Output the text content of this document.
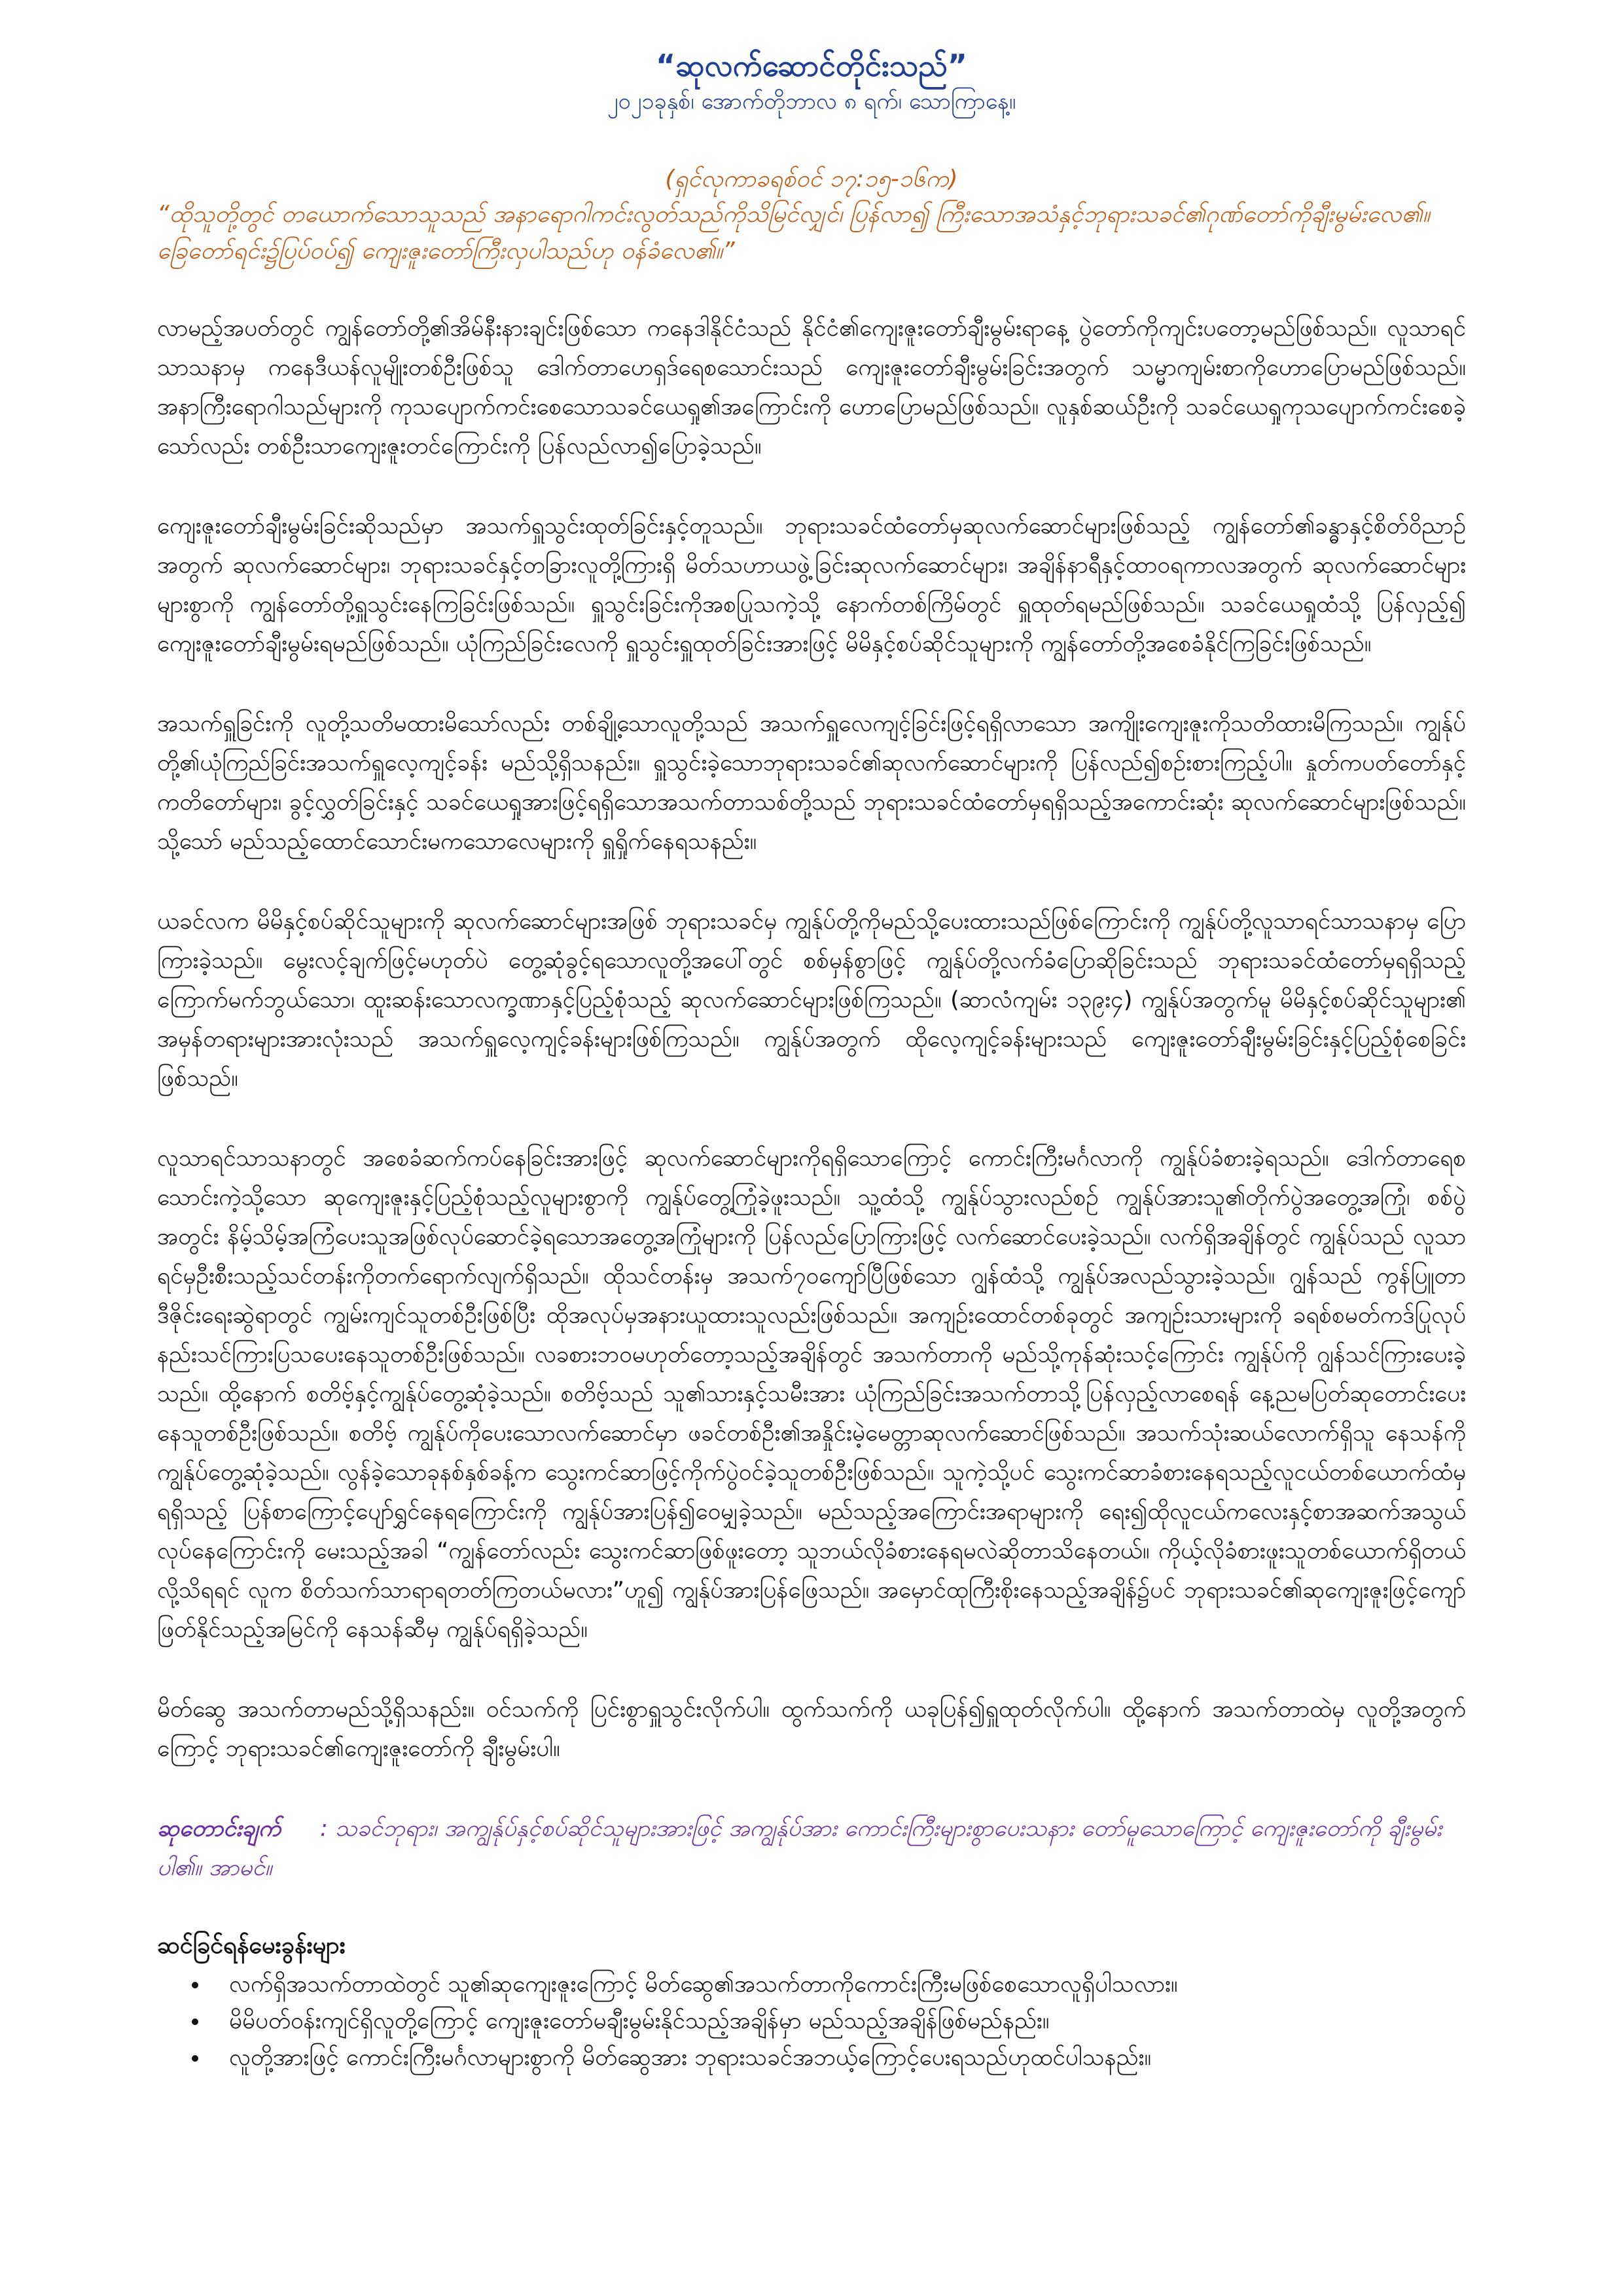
“ဆုလက်ဆောင်တိုင်းသည်”

၂၀၂၁ခုနှစ်၊ အောက်တိုဘာလ ၈ ရက်၊ သောကြာနေ့။

(ရှင်လုကာခရစ်ဝင် ၁၇:၁၅-၁၆က)

“ထိုသူတို့တွင် တယောက်သောသူသည် အနာရောဂါကင်းလွတ်သည်ကိုသိမြင်လျှင်၊ ပြန်လာ၍ ကြီးသောအသံနှင့်ဘုရားသခင်၏ဂုဏ်တော်ကိုချီးမွမ်းလေ၏။ ခြေတော်ရင်း၌ပြပ်ဝပ်၍ ကျေးဇူးတော်ကြီးလှပါသည်ဟု ဝန်ခံလေ၏။”

လာမည့်အပတ်တွင် ကျွန်တော်တို့၏အိမ်နီးနားချင်းဖြစ်သော ကနေဒါနိုင်ငံသည် နိုင်ငံ၏ကျေးဇူးတော်ချီးမွမ်းရာနေ့ ပွဲတော်ကိုကျင်းပတော့မည်ဖြစ်သည်။ လူသာရင်သာသနာမှ ကနေဒီယန်လူမျိုးတစ်ဦးဖြစ်သူ ဒေါက်တာဟေရှဒ်ရေစသောင်းသည် ကျေးဇူးတော်ချီးမွမ်းခြင်းအတွက် သမ္မာကျမ်းစာကိုဟောပြောမည်ဖြစ်သည်။ အနာကြီးရောဂါသည်များကို ကုသပျောက်ကင်းစေသောသခင်ယေရှု၏အကြောင်းကို ဟောပြောမည်ဖြစ်သည်။ လူနှစ်ဆယ်ဦးကို သခင်ယေရှုကုသပျောက်ကင်းစေခဲ့သော်လည်း တစ်ဦးသာကျေးဇူးတင်ကြောင်းကို ပြန်လည်လာ၍ပြောခဲ့သည်။

ကျေးဇူးတော်ချီးမွမ်းခြင်းဆိုသည်မှာ အသက်ရှူသွင်းထုတ်ခြင်းနှင့်တူသည်။ ဘုရားသခင်ထံတော်မှဆုလက်ဆောင်များဖြစ်သည့် ကျွန်တော်၏ခန္ဓာနှင့်စိတ်ဝိညာဉ်အတွက် ဆုလက်ဆောင်များ၊ ဘုရားသခင်နှင့်တခြားလူတို့ကြားရှိ မိတ်သဟာယဖွဲ့ခြင်းဆုလက်ဆောင်များ၊ အချိန်နာရီနှင့်ထာဝရကာလအတွက် ဆုလက်ဆောင်များ များစွာကို ကျွန်တော်တို့ရှူသွင်းနေကြခြင်းဖြစ်သည်။ ရှူသွင်းခြင်းကိုအစပြုသကဲ့သို့ နောက်တစ်ကြိမ်တွင် ရှူထုတ်ရမည်ဖြစ်သည်။ သခင်ယေရှုထံသို့ ပြန်လှည့်၍ ကျေးဇူးတော်ချီးမွမ်းရမည်ဖြစ်သည်။ ယုံကြည်ခြင်းလေကို ရှူသွင်းရှူထုတ်ခြင်းအားဖြင့် မိမိနှင့်စပ်ဆိုင်သူများကို ကျွန်တော်တို့အစေခံနိုင်ကြခြင်းဖြစ်သည်။

အသက်ရှူခြင်းကို လူတို့သတိမထားမိသော်လည်း တစ်ချို့သောလူတို့သည် အသက်ရှူလေကျင့်ခြင်းဖြင့်ရရှိလာသော အကျိုးကျေးဇူးကိုသတိထားမိကြသည်။ ကျွန်ုပ်တို့၏ယုံကြည်ခြင်းအသက်ရှူလေ့ကျင့်ခန်း မည်သို့ရှိသနည်း။ ရှူသွင်းခဲ့သောဘုရားသခင်၏ဆုလက်ဆောင်များကို ပြန်လည်၍စဉ်းစားကြည့်ပါ။ နှုတ်ကပတ်တော်နှင့်ကတိတော်များ၊ ခွင့်လွှတ်ခြင်းနှင့် သခင်ယေရှုအားဖြင့်ရရှိသောအသက်တာသစ်တို့သည် ဘုရားသခင်ထံတော်မှရရှိသည့်အကောင်းဆုံး ဆုလက်ဆောင်များဖြစ်သည်။ သို့သော် မည်သည့်ထောင်သောင်းမကသောလေများကို ရှူရှိုက်နေရသနည်း။

ယခင်လက မိမိနှင့်စပ်ဆိုင်သူများကို ဆုလက်ဆောင်များအဖြစ် ဘုရားသခင်မှ ကျွန်ုပ်တို့ကိုမည်သို့ပေးထားသည်ဖြစ်ကြောင်းကို ကျွန်ုပ်တို့လူသာရင်သာသနာမှ ပြောကြားခဲ့သည်။ မွေးလင့်ချက်ဖြင့်မဟုတ်ပဲ တွေ့ဆုံခွင့်ရသောလူတို့အပေါ်တွင် စစ်မှန်စွာဖြင့် ကျွန်ုပ်တို့လက်ခံပြောဆိုခြင်းသည် ဘုရားသခင်ထံတော်မှရရှိသည့် ကြောက်မက်ဘွယ်သော၊ ထူးဆန်းသောလက္ခဏာနှင့်ပြည့်စုံသည့် ဆုလက်ဆောင်များဖြစ်ကြသည်။ (ဆာလံကျမ်း ၁၃၉း၄) ကျွန်ုပ်အတွက်မူ မိမိနှင့်စပ်ဆိုင်သူများ၏ အမှန်တရားများအားလုံးသည် အသက်ရှူလေ့ကျင့်ခန်းများဖြစ်ကြသည်။ ကျွန်ုပ်အတွက် ထိုလေ့ကျင့်ခန်းများသည် ကျေးဇူးတော်ချီးမွမ်းခြင်းနှင့်ပြည့်စုံစေခြင်းဖြစ်သည်။

လူသာရင်သာသနာတွင် အစေခံဆက်ကပ်နေခြင်းအားဖြင့် ဆုလက်ဆောင်များကိုရရှိသောကြောင့် ကောင်းကြီးမင်္ဂလာကို ကျွန်ုပ်ခံစားခဲ့ရသည်။ ဒေါက်တာရေစသောင်းကဲ့သို့သော ဆုကျေးဇူးနှင့်ပြည့်စုံသည့်လူများစွာကို ကျွန်ုပ်တွေ့ကြုံခဲ့ဖူးသည်။ သူ့ထံသို့ ကျွန်ုပ်သွားလည်စဉ် ကျွန်ုပ်အားသူ၏တိုက်ပွဲအတွေ့အကြုံ၊ စစ်ပွဲအတွင်း နိမ့်သိမ့်အကြံပေးသူအဖြစ်လုပ်ဆောင်ခဲ့ရသောအတွေ့အကြုံများကို ပြန်လည်ပြောကြားဖြင့် လက်ဆောင်ပေးခဲ့သည်။ လက်ရှိအချိန်တွင် ကျွန်ုပ်သည် လူသာရင်မှဦးစီးသည့်သင်တန်းကိုတက်ရောက်လျက်ရှိသည်။ ထိုသင်တန်းမှ အသက်၇၀ကျော်ပြီဖြစ်သော ဂျွန်ထံသို့ ကျွန်ုပ်အလည်သွားခဲ့သည်။ ဂျွန်သည် ကွန်ပြူတာဒီဇိုင်းရေးဆွဲရာတွင် ကျွမ်းကျင်သူတစ်ဦးဖြစ်ပြီး ထိုအလုပ်မှအနားယူထားသူလည်းဖြစ်သည်။ အကျဉ်းထောင်တစ်ခုတွင် အကျဉ်းသားများကို ခရစ်စမတ်ကဒ်ပြုလုပ်နည်းသင်ကြားပြသပေးနေသူတစ်ဦးဖြစ်သည်။ လခစားဘဝမဟုတ်တော့သည့်အချိန်တွင် အသက်တာကို မည်သို့ကုန်ဆုံးသင့်ကြောင်း ကျွန်ုပ်ကို ဂျွန်သင်ကြားပေးခဲ့သည်။ ထို့နောက် စတိဗ့်နှင့်ကျွန်ုပ်တွေ့ဆုံခဲ့သည်။ စတိဗ့်သည် သူ၏သားနှင့်သမီးအား ယုံကြည်ခြင်းအသက်တာသို့ပြန်လှည့်လာစေရန် နေ့ညမပြတ်ဆုတောင်းပေးနေသူတစ်ဦးဖြစ်သည်။ စတိဗ့် ကျွန်ုပ်ကိုပေးသောလက်ဆောင်မှာ ဖခင်တစ်ဦး၏အနှိုင်းမဲ့မေတ္တာဆုလက်ဆောင်ဖြစ်သည်။ အသက်သုံးဆယ်လောက်ရှိသူ နေသန်ကို ကျွန်ုပ်တွေ့ဆုံခဲ့သည်။ လွန်ခဲ့သောခုနစ်နှစ်ခန့်က သွေးကင်ဆာဖြင့်ကိုက်ပွဲဝင်ခဲ့သူတစ်ဦးဖြစ်သည်။ သူကဲ့သို့ပင် သွေးကင်ဆာခံစားနေရသည့်လူငယ်တစ်ယောက်ထံမှရရှိသည့် ပြန်စာကြောင့်ပျော်ရွှင်နေရကြောင်းကို ကျွန်ုပ်အားပြန်၍ဝေမျှခဲ့သည်။ မည်သည့်အကြောင်းအရာများကို ရေး၍ထိုလူငယ်ကလေးနှင့်စာအဆက်အသွယ်လုပ်နေကြောင်းကို မေးသည့်အခါ “ကျွန်တော်လည်း သွေးကင်ဆာဖြစ်ဖူးတော့ သူဘယ်လိုခံစားနေရမလဲဆိုတာသိနေတယ်။ ကိုယ့်လိုခံစားဖူးသူတစ်ယောက်ရှိတယ်လို့သိရရင် လူက စိတ်သက်သာရာရတတ်ကြတယ်မလား”ဟူ၍ ကျွန်ုပ်အားပြန်ဖြေသည်။ အမှောင်ထုကြီးစိုးနေသည့်အချိန်၌ပင် ဘုရားသခင်၏ဆုကျေးဇူးဖြင့်ကျော်ဖြတ်နိုင်သည့်အမြင်ကို နေသန်ဆီမှ ကျွန်ုပ်ရရှိခဲ့သည်။

မိတ်ဆွေ အသက်တာမည်သို့ရှိသနည်း။ ဝင်သက်ကို ပြင်းစွာရှူသွင်းလိုက်ပါ။ ထွက်သက်ကို ယခုပြန်၍ရှူထုတ်လိုက်ပါ။ ထို့နောက် အသက်တာထဲမှ လူတို့အတွက်ကြောင့် ဘုရားသခင်၏ကျေးဇူးတော်ကို ချီးမွမ်းပါ။

ဆုတောင်းချက် : သခင်ဘုရား၊ အကျွန်ုပ်နှင့်စပ်ဆိုင်သူများအားဖြင့် အကျွန်ုပ်အား ကောင်းကြီးများစွာပေးသနား တော်မူသောကြောင့် ကျေးဇူးတော်ကို ချီးမွမ်းပါ၏။ အာမင်။

ဆင်ခြင်ရန်မေးခွန်းများ

• လက်ရှိအသက်တာထဲတွင် သူ၏ဆုကျေးဇူးကြောင့် မိတ်ဆွေ၏အသက်တာကိုကောင်းကြီးမဖြစ်စေသောလူရှိပါသလား။
• မိမိပတ်ဝန်းကျင်ရှိလူတို့ကြောင့် ကျေးဇူးတော်မချီးမွမ်းနိုင်သည့်အချိန်မှာ မည်သည့်အချိန်ဖြစ်မည်နည်း။
• လူတို့အားဖြင့် ကောင်းကြီးမင်္ဂလာများစွာကို မိတ်ဆွေအား ဘုရားသခင်အဘယ့်ကြောင့်ပေးရသည်ဟုထင်ပါသနည်း။
